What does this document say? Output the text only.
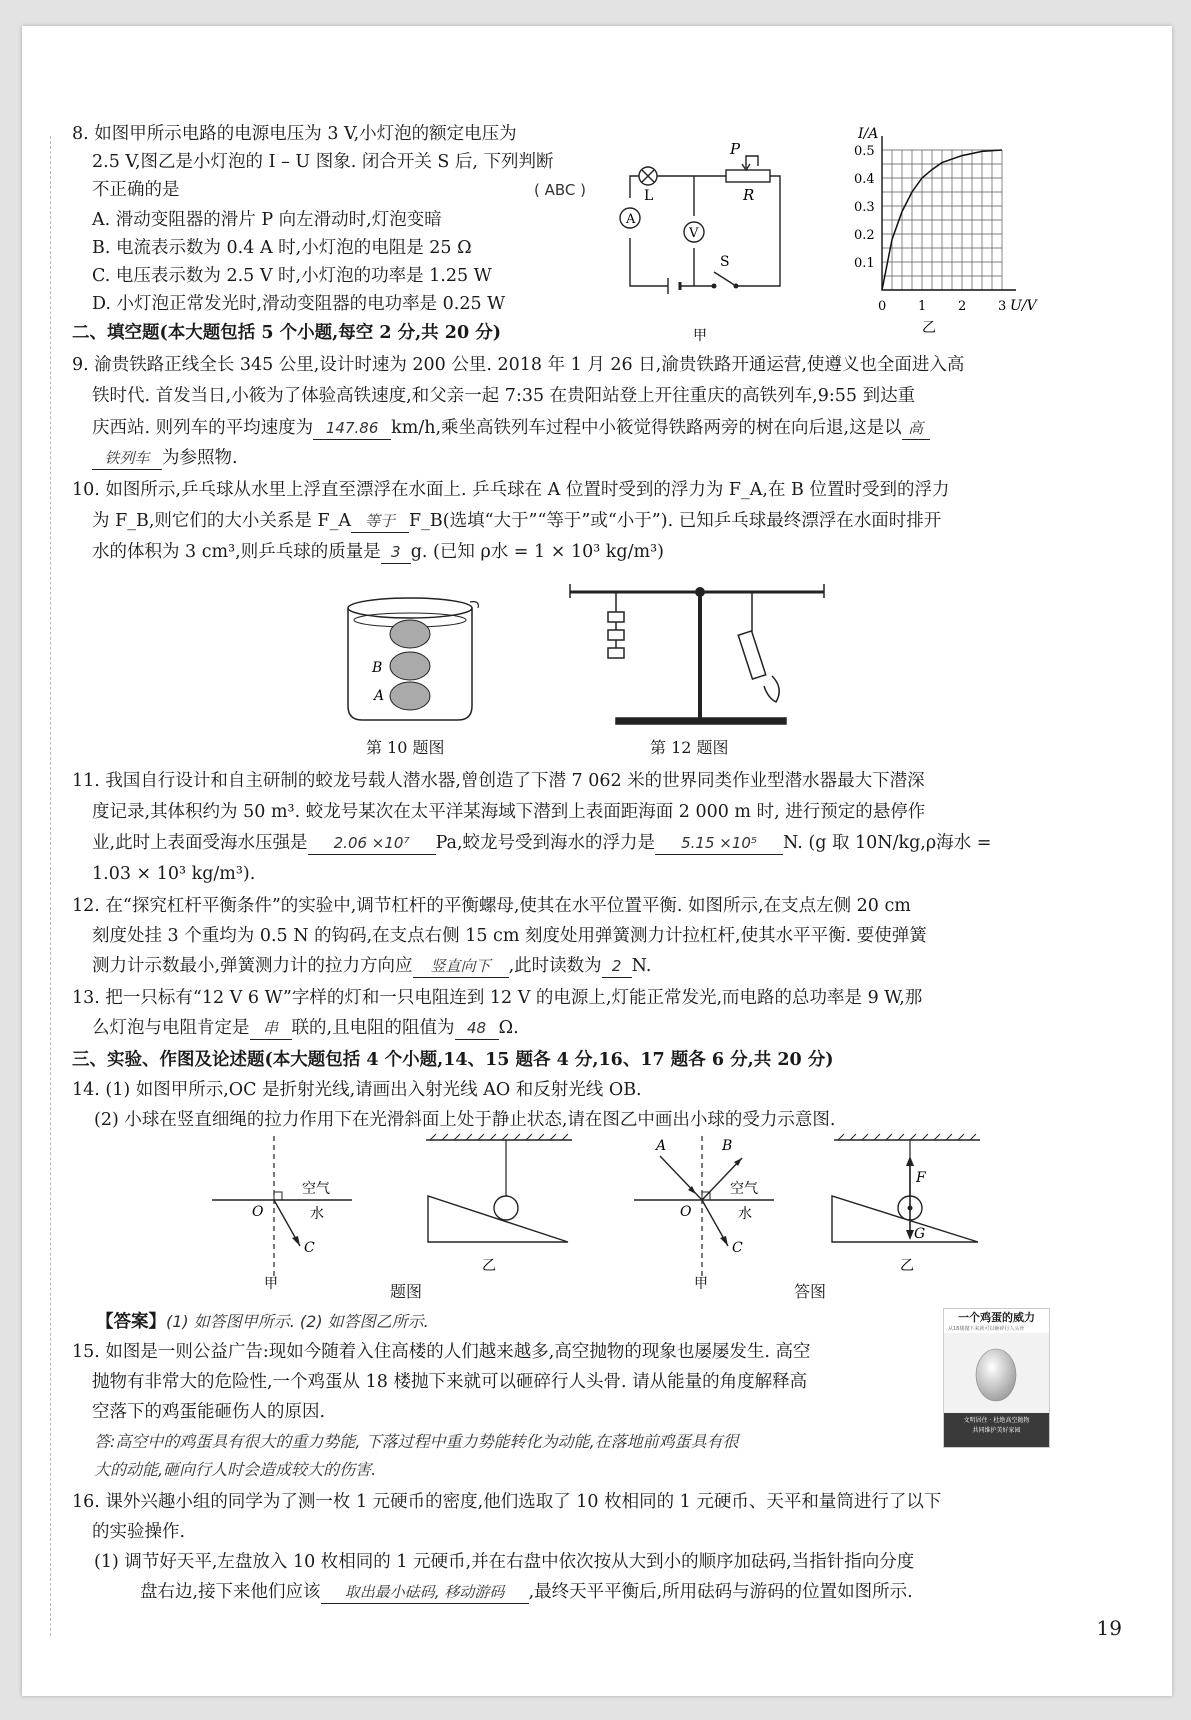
8. 如图甲所示电路的电源电压为 3 V,小灯泡的额定电压为
2.5 V,图乙是小灯泡的 I – U 图象. 闭合开关 S 后, 下列判断
不正确的是	( ABC )
A. 滑动变阻器的滑片 P 向左滑动时,灯泡变暗
B. 电流表示数为 0.4 A 时,小灯泡的电阻是 25 Ω
C. 电压表示数为 2.5 V 时,小灯泡的功率是 1.25 W
D. 小灯泡正常发光时,滑动变阻器的电功率是 0.25 W
A
V
L
P
R
S
甲
0.1
0.2
0.3
0.4
0.5
0 1 2 3
I/A
U/V
乙
二、填空题(本大题包括 5 个小题,每空 2 分,共 20 分)
9. 渝贵铁路正线全长 345 公里,设计时速为 200 公里. 2018 年 1 月 26 日,渝贵铁路开通运营,使遵义也全面进入高
铁时代. 首发当日,小筱为了体验高铁速度,和父亲一起 7:35 在贵阳站登上开往重庆的高铁列车,9:55 到达重
庆西站. 则列车的平均速度为 147.86 km/h,乘坐高铁列车过程中小筱觉得铁路两旁的树在向后退,这是以 高
铁列车 为参照物.
10. 如图所示,乒乓球从水里上浮直至漂浮在水面上. 乒乓球在 A 位置时受到的浮力为 F_A,在 B 位置时受到的浮力
为 F_B,则它们的大小关系是 F_A 等于 F_B(选填“大于”“等于”或“小于”). 已知乒乓球最终漂浮在水面时排开
水的体积为 3 cm³,则乒乓球的质量是 3 g. (已知 ρ水 = 1 × 10³ kg/m³)
B
A
第 10 题图	第 12 题图
11. 我国自行设计和自主研制的蛟龙号载人潜水器,曾创造了下潜 7 062 米的世界同类作业型潜水器最大下潜深
度记录,其体积约为 50 m³. 蛟龙号某次在太平洋某海域下潜到上表面距海面 2 000 m 时, 进行预定的悬停作
业,此时上表面受海水压强是 2.06 ×10⁷ Pa,蛟龙号受到海水的浮力是 5.15 ×10⁵ N. (g 取 10N/kg,ρ海水 =
1.03 × 10³ kg/m³).
12. 在“探究杠杆平衡条件”的实验中,调节杠杆的平衡螺母,使其在水平位置平衡. 如图所示,在支点左侧 20 cm
刻度处挂 3 个重均为 0.5 N 的钩码,在支点右侧 15 cm 刻度处用弹簧测力计拉杠杆,使其水平平衡. 要使弹簧
测力计示数最小,弹簧测力计的拉力方向应 竖直向下 ,此时读数为 2 N.
13. 把一只标有“12 V 6 W”字样的灯和一只电阻连到 12 V 的电源上,灯能正常发光,而电路的总功率是 9 W,那
么灯泡与电阻肯定是 串 联的,且电阻的阻值为 48 Ω.
三、实验、作图及论述题(本大题包括 4 个小题,14、15 题各 4 分,16、17 题各 6 分,共 20 分)
14. (1) 如图甲所示,OC 是折射光线,请画出入射光线 AO 和反射光线 OB.
(2) 小球在竖直细绳的拉力作用下在光滑斜面上处于静止状态,请在图乙中画出小球的受力示意图.
空气
水
O
C
甲
乙
题图
A	B
空气
水
O
C
甲
F
G
乙
答图
【答案】(1) 如答图甲所示. (2) 如答图乙所示.
15. 如图是一则公益广告:现如今随着入住高楼的人们越来越多,高空抛物的现象也屡屡发生. 高空
抛物有非常大的危险性,一个鸡蛋从 18 楼抛下来就可以砸碎行人头骨. 请从能量的角度解释高
空落下的鸡蛋能砸伤人的原因.
答:高空中的鸡蛋具有很大的重力势能, 下落过程中重力势能转化为动能,在落地前鸡蛋具有很
大的动能,砸向行人时会造成较大的伤害.
一个鸡蛋的威力
从18楼抛下来就可以砸碎行人头骨
文明居住 · 杜绝高空抛物
共同维护美好家园
16. 课外兴趣小组的同学为了测一枚 1 元硬币的密度,他们选取了 10 枚相同的 1 元硬币、天平和量筒进行了以下
的实验操作.
(1) 调节好天平,左盘放入 10 枚相同的 1 元硬币,并在右盘中依次按从大到小的顺序加砝码,当指针指向分度
盘右边,接下来他们应该 取出最小砝码, 移动游码 ,最终天平平衡后,所用砝码与游码的位置如图所示.
19
